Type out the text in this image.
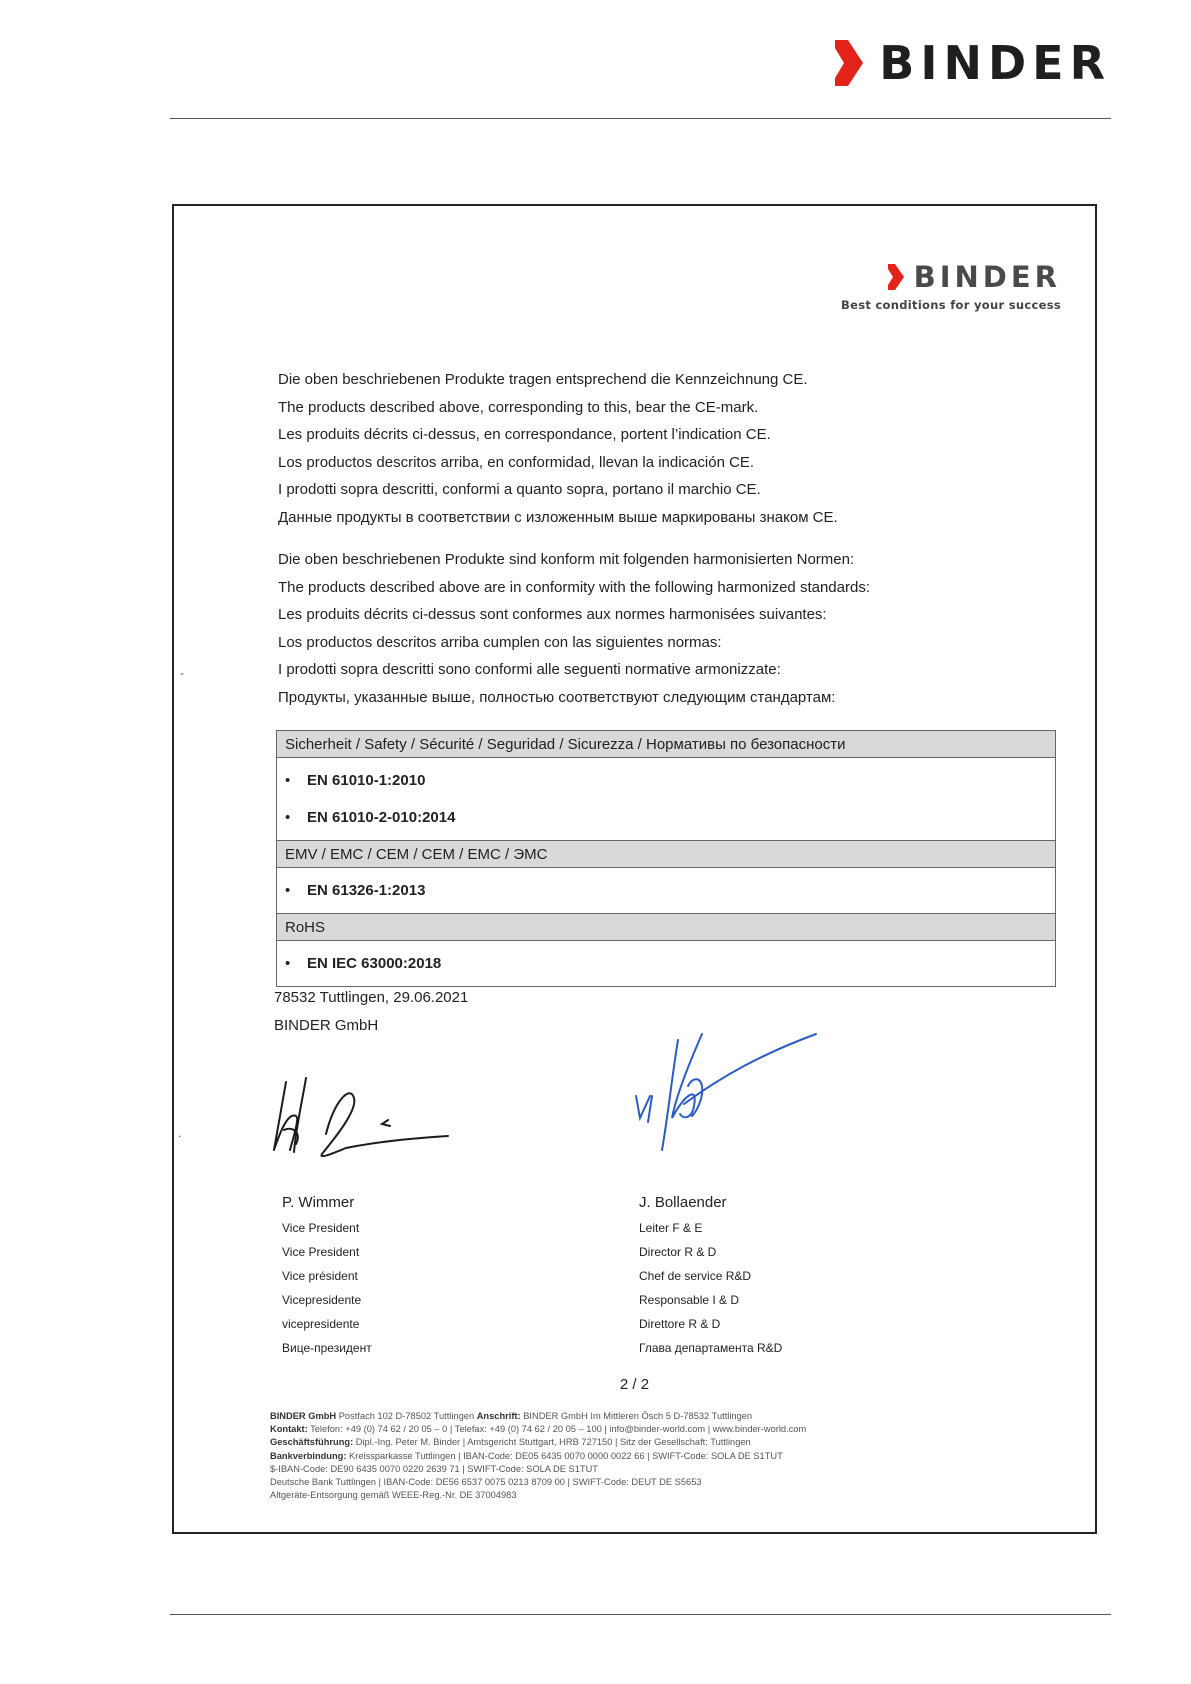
BINDER
BINDER
Best conditions for your success
Die oben beschriebenen Produkte tragen entsprechend die Kennzeichnung CE.
The products described above, corresponding to this, bear the CE-mark.
Les produits décrits ci-dessus, en correspondance, portent l’indication CE.
Los productos descritos arriba, en conformidad, llevan la indicación CE.
I prodotti sopra descritti, conformi a quanto sopra, portano il marchio CE.
Данные продукты в соответствии с изложенным выше маркированы знаком CE.
Die oben beschriebenen Produkte sind konform mit folgenden harmonisierten Normen:
The products described above are in conformity with the following harmonized standards:
Les produits décrits ci-dessus sont conformes aux normes harmonisées suivantes:
Los productos descritos arriba cumplen con las siguientes normas:
I prodotti sopra descritti sono conformi alle seguenti normative armonizzate:
Продукты, указанные выше, полностью соответствуют следующим стандартам:
-
.
Sicherheit / Safety / Sécurité / Seguridad / Sicurezza / Нормативы по безопасности

•	EN 61010-1:2010
•	EN 61010-2-010:2014

EMV / EMC / CEM / CEM / EMC / ЭМС

•	EN 61326-1:2013

RoHS

•	EN IEC 63000:2018
78532 Tuttlingen, 29.06.2021
BINDER GmbH
P. Wimmer
Vice President
Vice President
Vice président
Vicepresidente
vicepresidente
Вице-президент
J. Bollaender
Leiter F & E
Director R & D
Chef de service R&D
Responsable I & D
Direttore R & D
Глава департамента R&D
2 / 2
BINDER GmbH Postfach 102 D-78502 Tuttlingen Anschrift: BINDER GmbH Im Mittleren Ösch 5 D-78532 Tuttlingen
Kontakt: Telefon: +49 (0) 74 62 / 20 05 – 0 | Telefax: +49 (0) 74 62 / 20 05 – 100 | info@binder-world.com | www.binder-world.com
Geschäftsführung: Dipl.-Ing. Peter M. Binder | Amtsgericht Stuttgart, HRB 727150 | Sitz der Gesellschaft: Tuttlingen
Bankverbindung: Kreissparkasse Tuttlingen | IBAN-Code: DE05 6435 0070 0000 0022 66 | SWIFT-Code: SOLA DE S1TUT
$-IBAN-Code: DE90 6435 0070 0220 2639 71 | SWIFT-Code: SOLA DE S1TUT
Deutsche Bank Tuttlingen | IBAN-Code: DE56 6537 0075 0213 8709 00 | SWIFT-Code: DEUT DE S5653
Altgeräte-Entsorgung gemäß WEEE-Reg.-Nr. DE 37004983
